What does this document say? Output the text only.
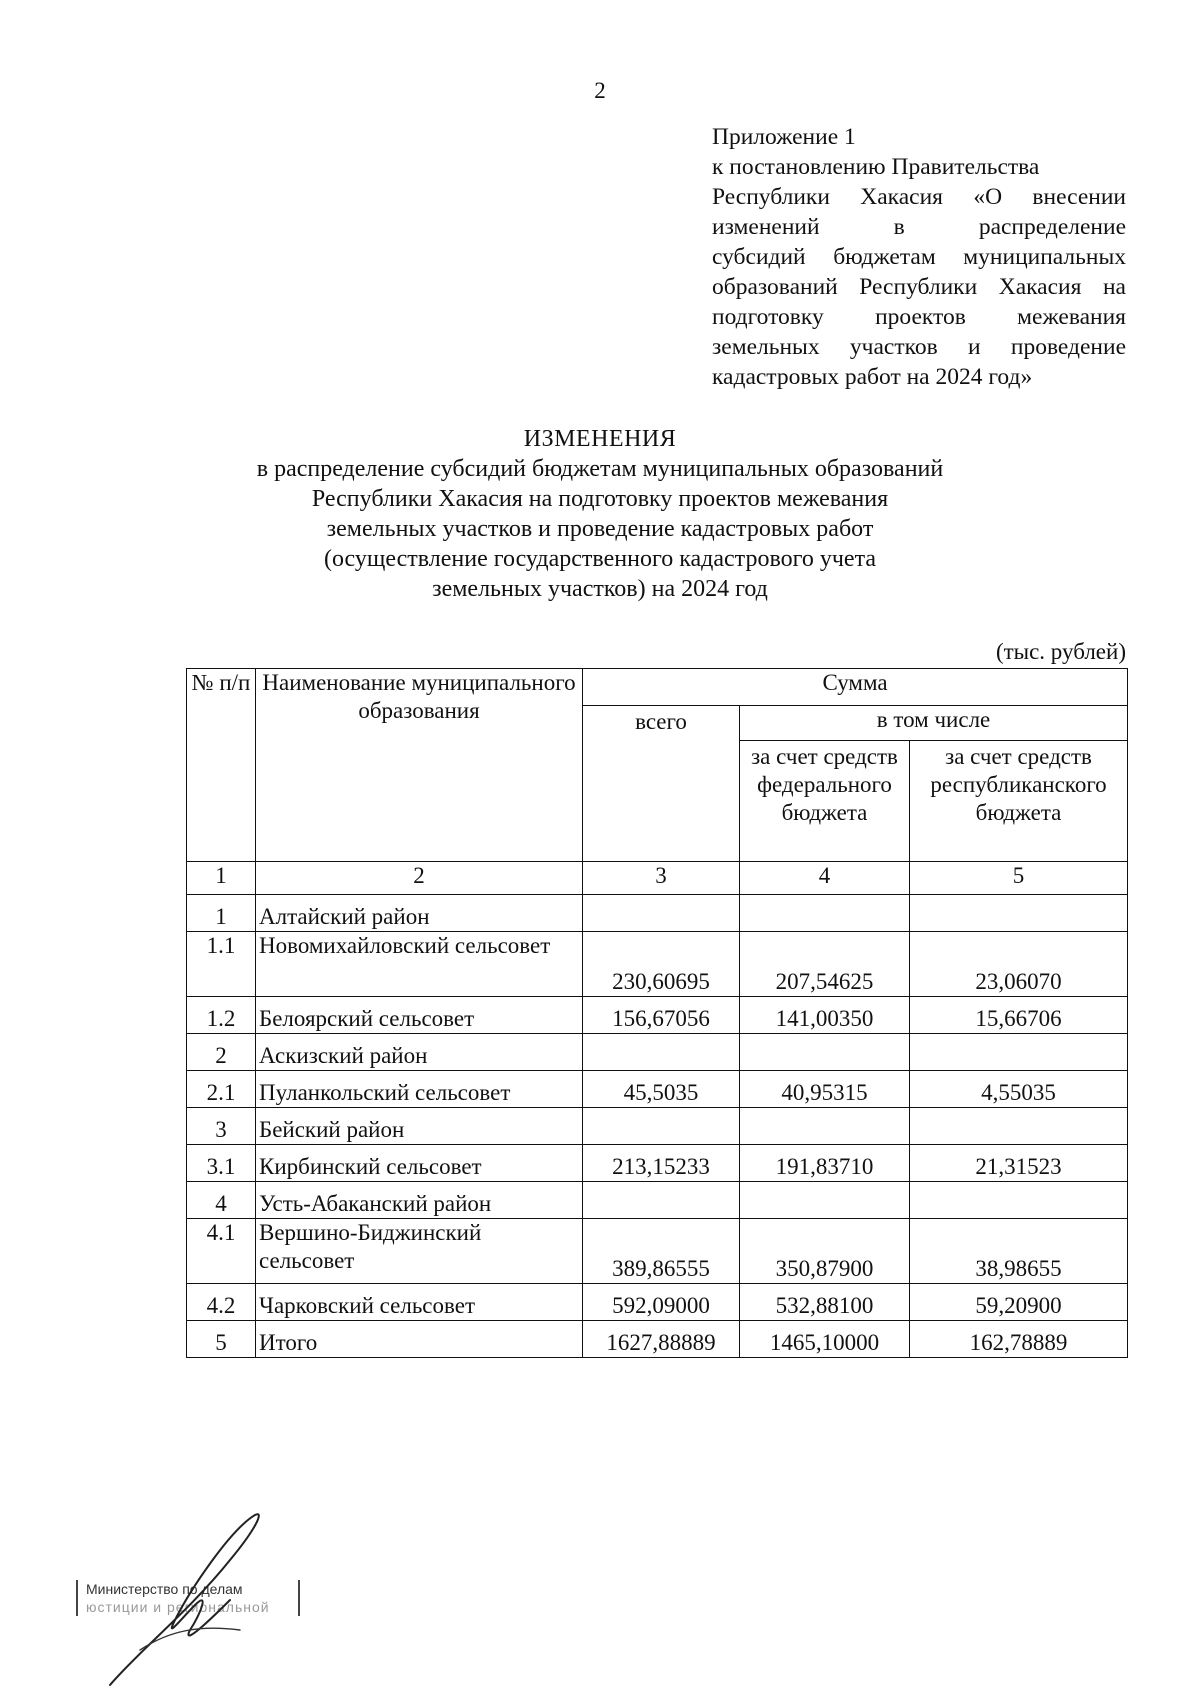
2
Приложение 1
к постановлению Правительства
Республики Хакасия «О внесении
изменений	в	распределение
субсидий бюджетам муниципальных
образований Республики Хакасия на
подготовку проектов межевания
земельных участков и проведение
кадастровых работ на 2024 год»
ИЗМЕНЕНИЯ
в распределение субсидий бюджетам муниципальных образований
Республики Хакасия на подготовку проектов межевания
земельных участков и проведение кадастровых работ
(осуществление государственного кадастрового учета
земельных участков) на 2024 год
(тыс. рублей)
№ п/п	Наименование муниципального образования	Сумма		
		всего	в том числе	
			за счет средств федерального бюджета	за счет средств республиканского бюджета
1	2	3	4	5
1	Алтайский район			
1.1	Новомихайловский сельсовет	230,60695	207,54625	23,06070
1.2	Белоярский сельсовет	156,67056	141,00350	15,66706
2	Аскизский район			
2.1	Пуланкольский сельсовет	45,5035	40,95315	4,55035
3	Бейский район			
3.1	Кирбинский сельсовет	213,15233	191,83710	21,31523
4	Усть-Абаканский район			
4.1	Вершино-Биджинский сельсовет	389,86555	350,87900	38,98655
4.2	Чарковский сельсовет	592,09000	532,88100	59,20900
5	Итого	1627,88889	1465,10000	162,78889
Министерство по делам
юстиции и региональной
